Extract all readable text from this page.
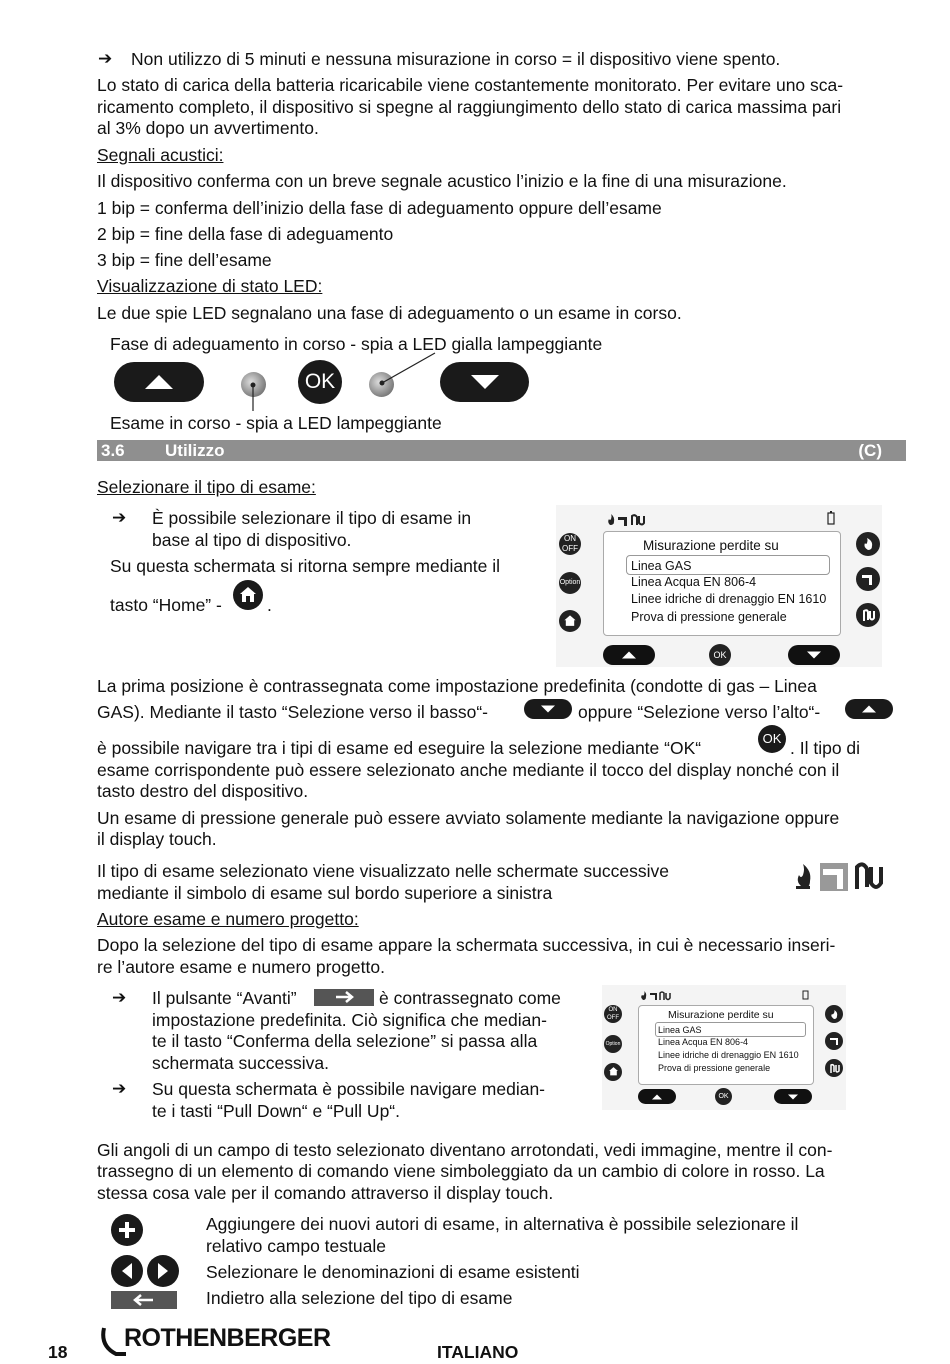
➔ Non utilizzo di 5 minuti e nessuna misurazione in corso = il dispositivo viene spento.
Lo stato di carica della batteria ricaricabile viene costantemente monitorato. Per evitare uno sca-
ricamento completo, il dispositivo si spegne al raggiungimento dello stato di carica massima pari
al 3% dopo un avvertimento.
Segnali acustici:
Il dispositivo conferma con un breve segnale acustico l’inizio e la fine di una misurazione.
1 bip = conferma dell’inizio della fase di adeguamento oppure dell’esame
2 bip = fine della fase di adeguamento
3 bip = fine dell’esame
Visualizzazione di stato LED:
Le due spie LED segnalano una fase di adeguamento o un esame in corso.
Fase di adeguamento in corso - spia a LED gialla lampeggiante
OK
Esame in corso - spia a LED lampeggiante
3.6 Utilizzo	(C)
Selezionare il tipo di esame:
➔ È possibile selezionare il tipo di esame in
base al tipo di dispositivo.
Su questa schermata si ritorna sempre mediante il
tasto “Home” -	.
ON
OFF
Option
Misurazione perdite su
Linea GAS
Linea Acqua EN 806-4
Linee idriche di drenaggio EN 1610
Prova di pressione generale
OK
La prima posizione è contrassegnata come impostazione predefinita (condotte di gas – Linea
GAS). Mediante il tasto “Selezione verso il basso“-	oppure “Selezione verso l’alto“-
è possibile navigare tra i tipi di esame ed eseguire la selezione mediante “OK“	OK . Il tipo di
esame corrispondente può essere selezionato anche mediante il tocco del display nonché con il
tasto destro del dispositivo.
Un esame di pressione generale può essere avviato solamente mediante la navigazione oppure
il display touch.
Il tipo di esame selezionato viene visualizzato nelle schermate successive
mediante il simbolo di esame sul bordo superiore a sinistra
Autore esame e numero progetto:
Dopo la selezione del tipo di esame appare la schermata successiva, in cui è necessario inseri-
re l’autore esame e numero progetto.
➔ Il pulsante “Avanti”	è contrassegnato come
impostazione predefinita. Ciò significa che median-
te il tasto “Conferma della selezione” si passa alla
schermata successiva.
➔ Su questa schermata è possibile navigare median-
te i tasti “Pull Down“ e “Pull Up“.
ON
OFF
Option
Misurazione perdite su
Linea GAS
Linea Acqua EN 806-4
Linee idriche di drenaggio EN 1610
Prova di pressione generale
OK
Gli angoli di un campo di testo selezionato diventano arrotondati, vedi immagine, mentre il con-
trassegno di un elemento di comando viene simboleggiato da un cambio di colore in rosso. La
stessa cosa vale per il comando attraverso il display touch.
Aggiungere dei nuovi autori di esame, in alternativa è possibile selezionare il
relativo campo testuale
Selezionare le denominazioni di esame esistenti
Indietro alla selezione del tipo di esame
18 ROTHENBERGER	ITALIANO
